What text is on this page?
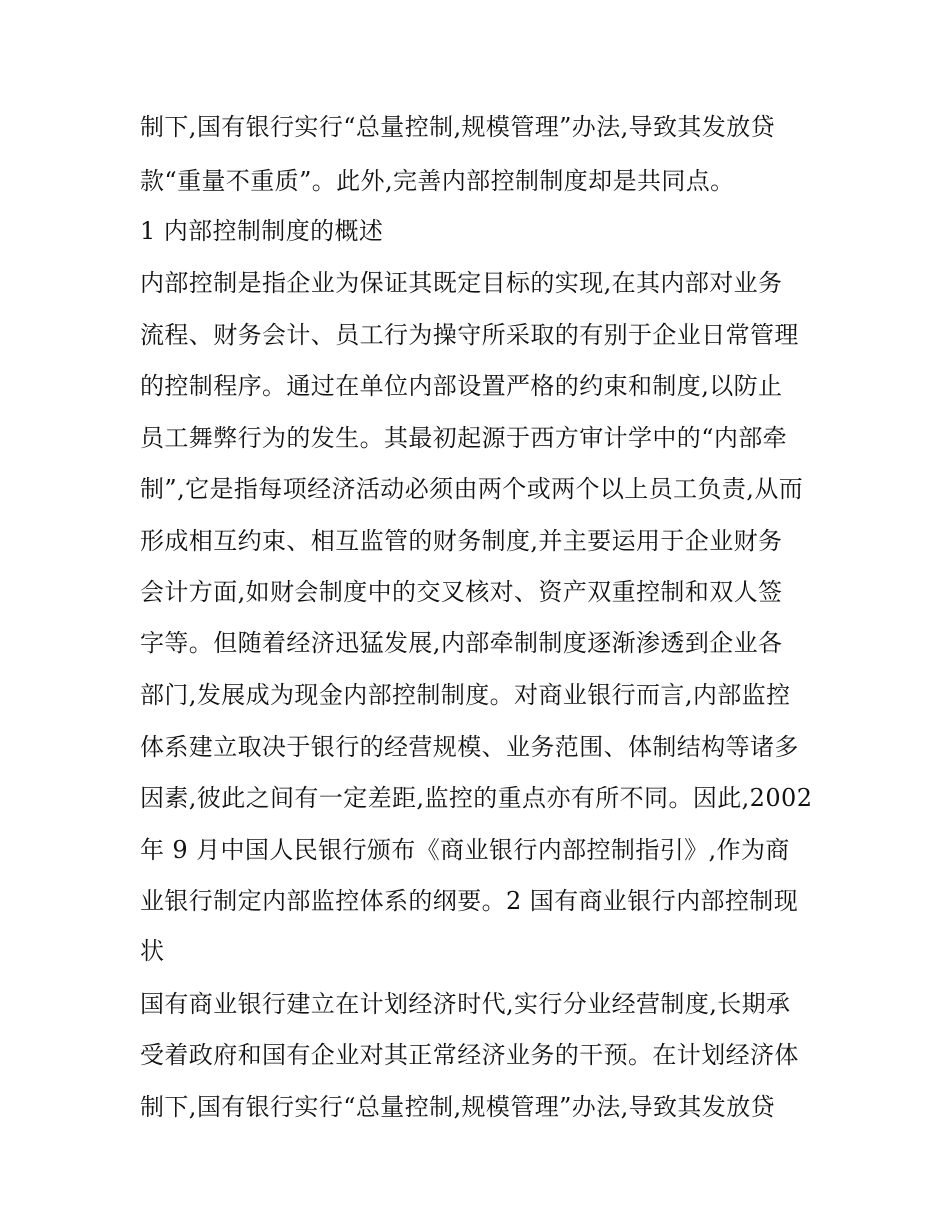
制下,国有银行实行“总量控制,规模管理”办法,导致其发放贷
款“重量不重质”。此外,完善内部控制制度却是共同点。
1 内部控制制度的概述
内部控制是指企业为保证其既定目标的实现,在其内部对业务
流程、财务会计、员工行为操守所采取的有别于企业日常管理
的控制程序。通过在单位内部设置严格的约束和制度,以防止
员工舞弊行为的发生。其最初起源于西方审计学中的“内部牵
制”,它是指每项经济活动必须由两个或两个以上员工负责,从而
形成相互约束、相互监管的财务制度,并主要运用于企业财务
会计方面,如财会制度中的交叉核对、资产双重控制和双人签
字等。但随着经济迅猛发展,内部牵制制度逐渐渗透到企业各
部门,发展成为现金内部控制制度。对商业银行而言,内部监控
体系建立取决于银行的经营规模、业务范围、体制结构等诸多
因素,彼此之间有一定差距,监控的重点亦有所不同。因此,2002
年 9 月中国人民银行颁布《商业银行内部控制指引》,作为商
业银行制定内部监控体系的纲要。2 国有商业银行内部控制现
状
国有商业银行建立在计划经济时代,实行分业经营制度,长期承
受着政府和国有企业对其正常经济业务的干预。在计划经济体
制下,国有银行实行“总量控制,规模管理”办法,导致其发放贷
